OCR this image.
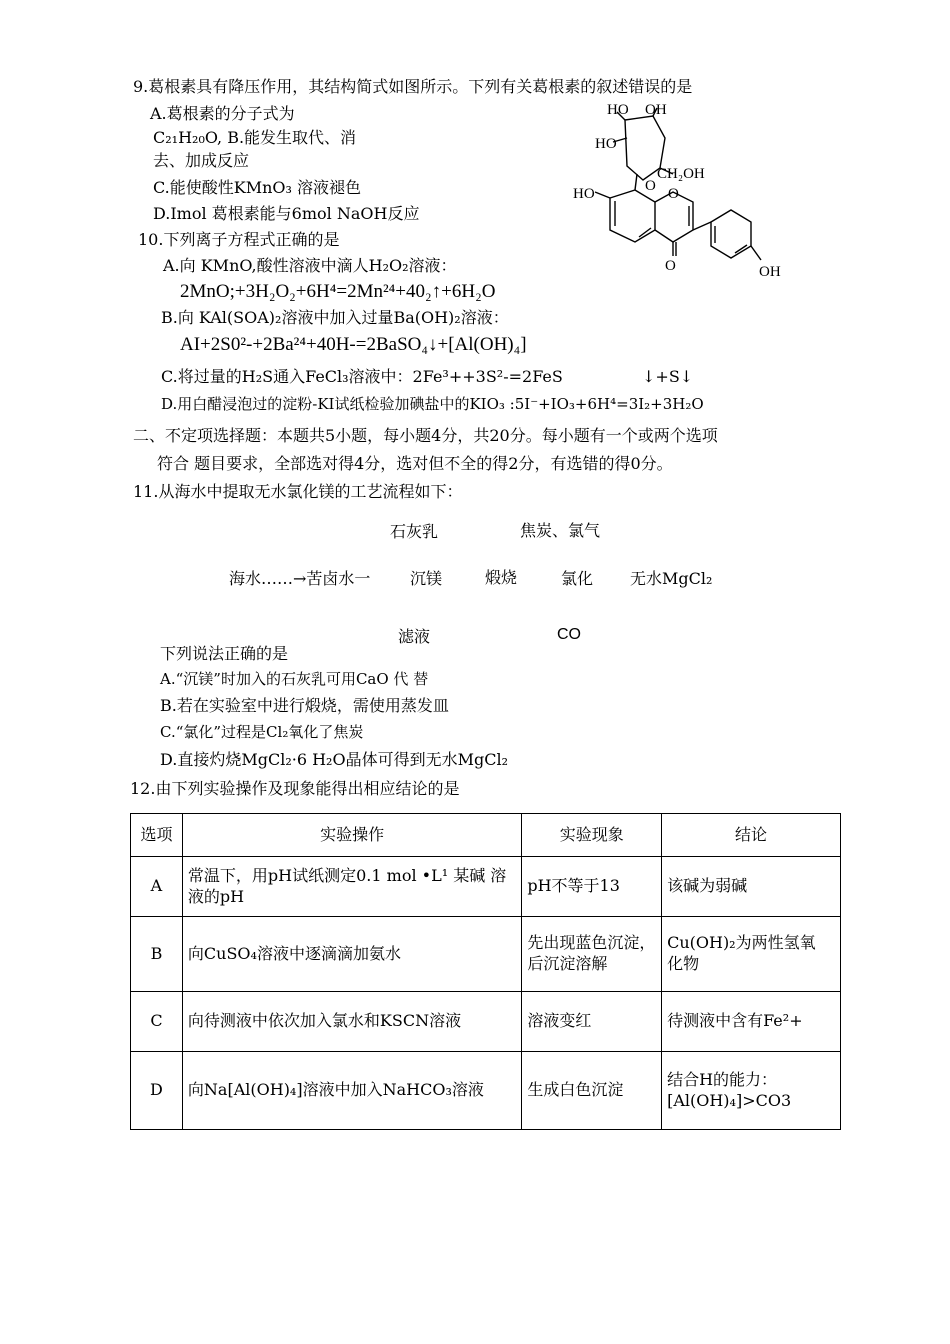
9.葛根素具有降压作用，其结构简式如图所示。下列有关葛根素的叙述错误的是
A.葛根素的分子式为
C₂₁H₂₀O, B.能发生取代、消
去、加成反应
C.能使酸性KMnO₃ 溶液褪色
D.Imol 葛根素能与6mol NaOH反应
HO OH
HO
CH₂OH
HO	O O
O	OH
10.下列离子方程式正确的是
A.向 KMnO,酸性溶液中滴人H₂O₂溶液：
2MnO;+3H₂O₂+6H⁴=2Mn²⁴+40₂↑+6H₂O
B.向 KAl(SOA)₂溶液中加入过量Ba(OH)₂溶液：
AI+2S0²-+2Ba²⁴+40H-=2BaSO₄↓+[Al(OH)₄]
C.将过量的H₂S通入FeCl₃溶液中：2Fe³++3S²-=2FeS	↓+S↓
D.用白醋浸泡过的淀粉-KI试纸检验加碘盐中的KIO₃ :5I⁻+IO₃+6H⁴=3I₂+3H₂O
二、不定项选择题：本题共5小题，每小题4分，共20分。每小题有一个或两个选项
符合 题目要求，全部选对得4分，选对但不全的得2分，有选错的得0分。
11.从海水中提取无水氯化镁的工艺流程如下：
石灰乳	焦炭、氯气
海水……→苦卤水一 沉镁	煅烧	氯化 无水MgCl₂
滤液	CO
下列说法正确的是
A.“沉镁”时加入的石灰乳可用CaO 代 替
B.若在实验室中进行煅烧，需使用蒸发皿
C.“氯化”过程是Cl₂氧化了焦炭
D.直接灼烧MgCl₂·6 H₂O晶体可得到无水MgCl₂
12.由下列实验操作及现象能得出相应结论的是
选项	实验操作	实验现象	结论
A	常温下，用pH试纸测定0.1 mol •L¹ 某碱 溶液的pH	pH不等于13	该碱为弱碱
B	向CuSO₄溶液中逐滴滴加氨水	先出现蓝色沉淀，后沉淀溶解	Cu(OH)₂为两性氢氧 化物
C	向待测液中依次加入氯水和KSCN溶液	溶液变红	待测液中含有Fe²+
D	向Na[Al(OH)₄]溶液中加入NaHCO₃溶液	生成白色沉淀	结合H的能力： [Al(OH)₄]>CO3
